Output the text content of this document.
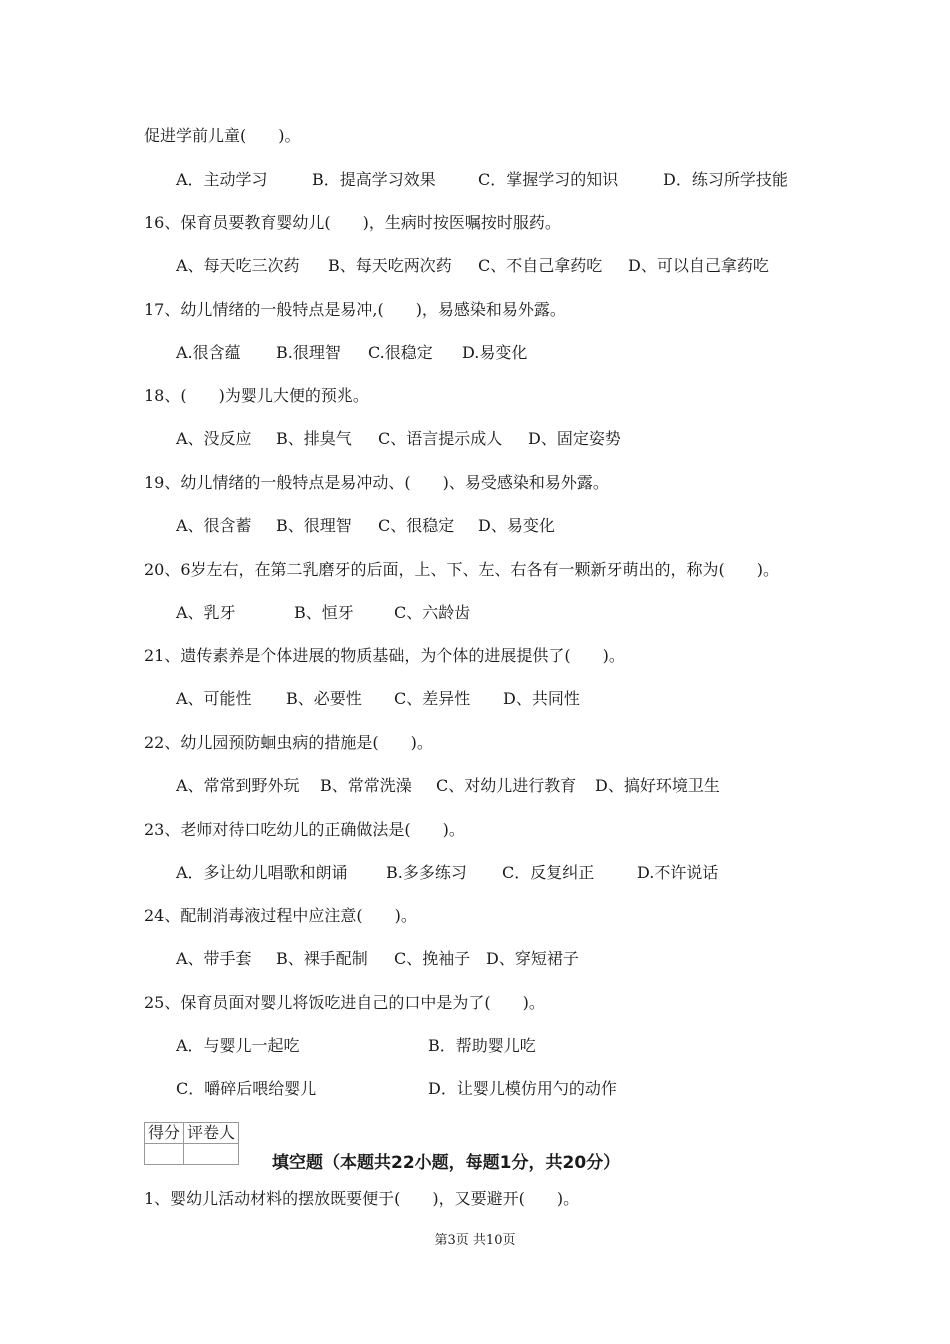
促进学前儿童(　　)。
A．主动学习	B．提高学习效果	C．掌握学习的知识	D．练习所学技能
16、保育员要教育婴幼儿(　　)，生病时按医嘱按时服药。
A、每天吃三次药 B、每天吃两次药 C、不自己拿药吃 D、可以自己拿药吃
17、幼儿情绪的一般特点是易冲,(　　)，易感染和易外露。
A.很含蕴 B.很理智 C.很稳定 D.易变化
18、(　　)为婴儿大便的预兆。
A、没反应 B、排臭气 C、语言提示成人 D、固定姿势
19、幼儿情绪的一般特点是易冲动、(　　)、易受感染和易外露。
A、很含蓄 B、很理智 C、很稳定 D、易变化
20、6岁左右，在第二乳磨牙的后面，上、下、左、右各有一颗新牙萌出的，称为(　　)。
A、乳牙	B、恒牙	C、六龄齿
21、遗传素养是个体进展的物质基础，为个体的进展提供了(　　)。
A、可能性 B、必要性 C、差异性 D、共同性
22、幼儿园预防蛔虫病的措施是(　　)。
A、常常到野外玩 B、常常洗澡 C、对幼儿进行教育 D、搞好环境卫生
23、老师对待口吃幼儿的正确做法是(　　)。
A．多让幼儿唱歌和朗诵 B.多多练习 C．反复纠正	D.不许说话
24、配制消毒液过程中应注意(　　)。
A、带手套 B、裸手配制 C、挽袖子 D、穿短裙子
25、保育员面对婴儿将饭吃进自己的口中是为了(　　)。
A．与婴儿一起吃	B．帮助婴儿吃
C．嚼碎后喂给婴儿	D．让婴儿模仿用勺的动作
得分	评卷人

填空题（本题共22小题，每题1分，共20分）
1、婴幼儿活动材料的摆放既要便于(　　)，又要避开(　　)。
第3页 共10页
